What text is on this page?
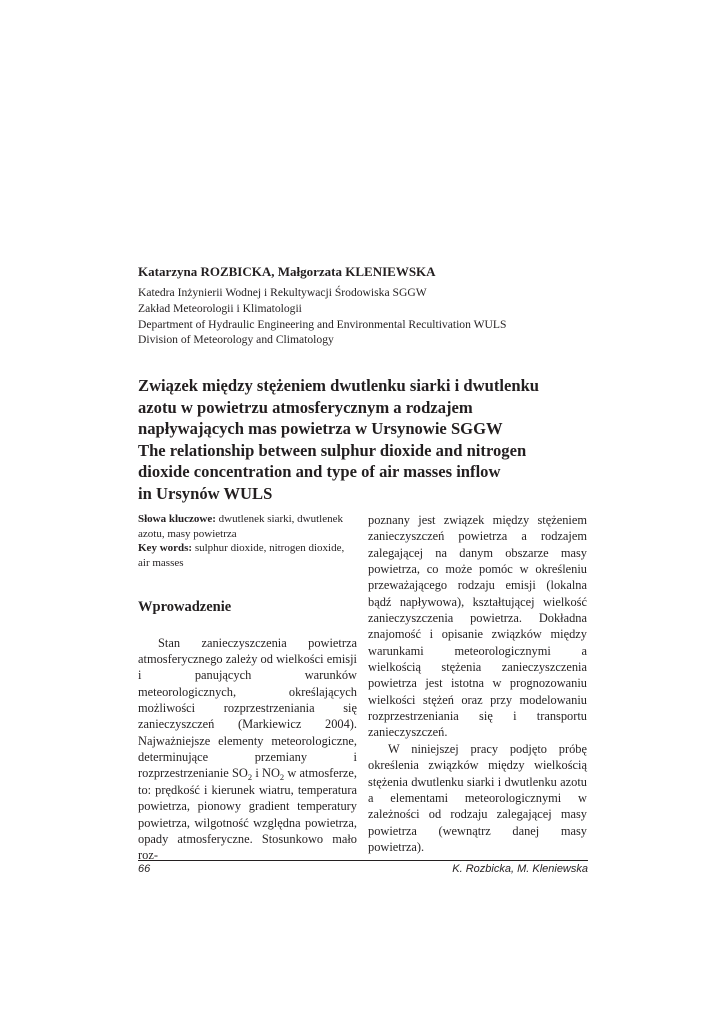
Katarzyna ROZBICKA, Małgorzata KLENIEWSKA
Katedra Inżynierii Wodnej i Rekultywacji Środowiska SGGW
Zakład Meteorologii i Klimatologii
Department of Hydraulic Engineering and Environmental Recultivation WULS
Division of Meteorology and Climatology
Związek między stężeniem dwutlenku siarki i dwutlenku
azotu w powietrzu atmosferycznym a rodzajem
napływających mas powietrza w Ursynowie SGGW
The relationship between sulphur dioxide and nitrogen
dioxide concentration and type of air masses inflow
in Ursynów WULS
Słowa kluczowe: dwutlenek siarki, dwutlenek azotu, masy powietrza
Key words: sulphur dioxide, nitrogen dioxide, air masses
Wprowadzenie

Stan zanieczyszczenia powietrza atmosferycznego zależy od wielkości emisji i panujących warunków meteorologicznych, określających możliwości rozprzestrzeniania się zanieczyszczeń (Markiewicz 2004). Najważniejsze elementy meteorologiczne, determinujące przemiany i rozprzestrzenianie $SO_2$ i $NO_2$ w atmosferze, to: prędkość i kierunek wiatru, temperatura powietrza, pionowy gradient temperatury powietrza, wilgotność względna powietrza, opady atmosferyczne. Stosunkowo mało roz-

poznany jest związek między stężeniem zanieczyszczeń powietrza a rodzajem zalegającej na danym obszarze masy powietrza, co może pomóc w określeniu przeważającego rodzaju emisji (lokalna bądź napływowa), kształtującej wielkość zanieczyszczenia powietrza. Dokładna znajomość i opisanie związków między warunkami meteorologicznymi a wielkością stężenia zanieczyszczenia powietrza jest istotna w prognozowaniu wielkości stężeń oraz przy modelowaniu rozprzestrzeniania się i transportu zanieczyszczeń.

W niniejszej pracy podjęto próbę określenia związków między wielkością stężenia dwutlenku siarki i dwutlenku azotu a elementami meteorologicznymi w zależności od rodzaju zalegającej masy powietrza (wewnątrz danej masy powietrza).

66	K. Rozbicka, M. Kleniewska
